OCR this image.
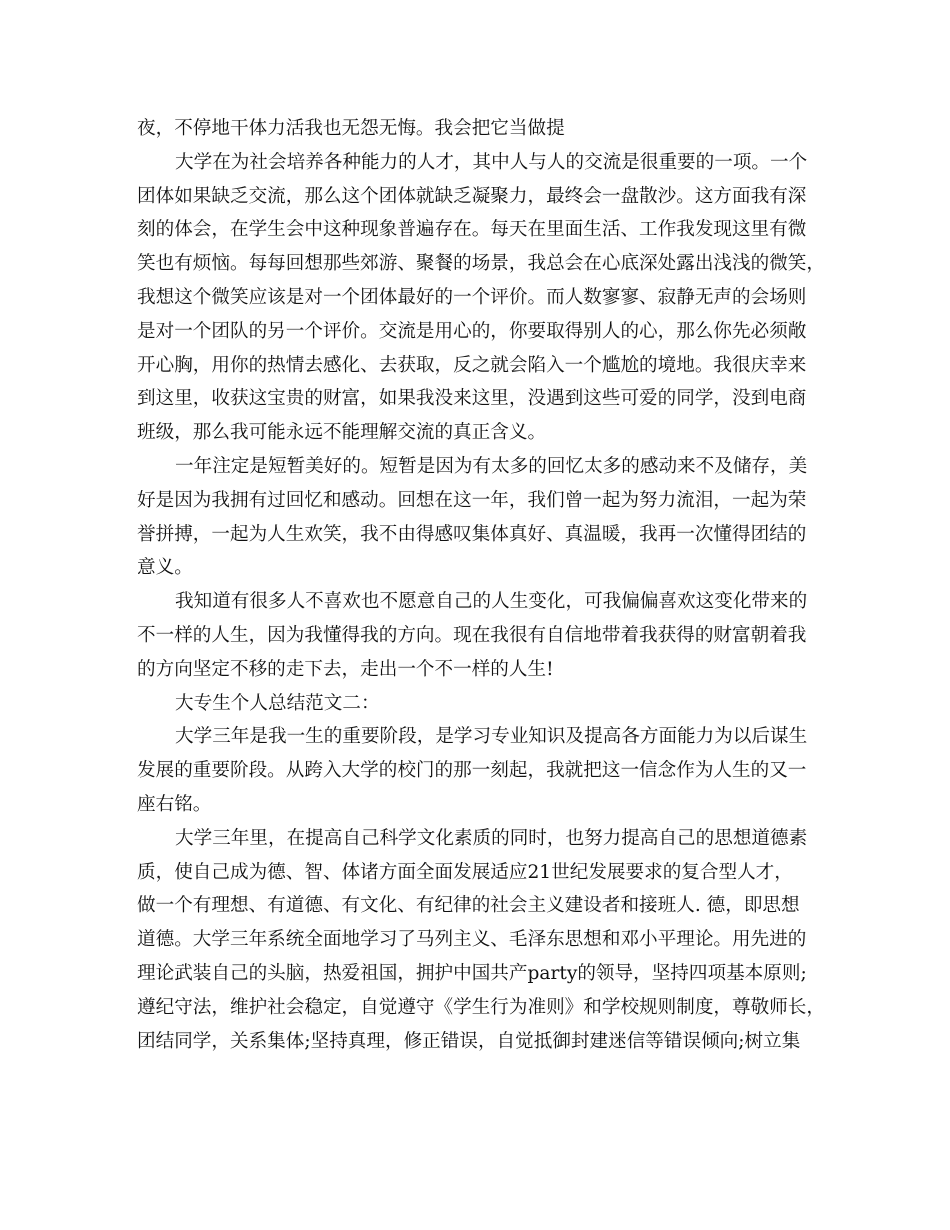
夜，不停地干体力活我也无怨无悔。我会把它当做提
大学在为社会培养各种能力的人才，其中人与人的交流是很重要的一项。一个
团体如果缺乏交流，那么这个团体就缺乏凝聚力，最终会一盘散沙。这方面我有深
刻的体会，在学生会中这种现象普遍存在。每天在里面生活、工作我发现这里有微
笑也有烦恼。每每回想那些郊游、聚餐的场景，我总会在心底深处露出浅浅的微笑，
我想这个微笑应该是对一个团体最好的一个评价。而人数寥寥、寂静无声的会场则
是对一个团队的另一个评价。交流是用心的，你要取得别人的心，那么你先必须敞
开心胸，用你的热情去感化、去获取，反之就会陷入一个尴尬的境地。我很庆幸来
到这里，收获这宝贵的财富，如果我没来这里，没遇到这些可爱的同学，没到电商
班级，那么我可能永远不能理解交流的真正含义。
一年注定是短暂美好的。短暂是因为有太多的回忆太多的感动来不及储存，美
好是因为我拥有过回忆和感动。回想在这一年，我们曾一起为努力流泪，一起为荣
誉拼搏，一起为人生欢笑，我不由得感叹集体真好、真温暖，我再一次懂得团结的
意义。
我知道有很多人不喜欢也不愿意自己的人生变化，可我偏偏喜欢这变化带来的
不一样的人生，因为我懂得我的方向。现在我很有自信地带着我获得的财富朝着我
的方向坚定不移的走下去，走出一个不一样的人生!
大专生个人总结范文二：
大学三年是我一生的重要阶段，是学习专业知识及提高各方面能力为以后谋生
发展的重要阶段。从跨入大学的校门的那一刻起，我就把这一信念作为人生的又一
座右铭。
大学三年里，在提高自己科学文化素质的同时，也努力提高自己的思想道德素
质，使自己成为德、智、体诸方面全面发展适应21世纪发展要求的复合型人才，
做一个有理想、有道德、有文化、有纪律的社会主义建设者和接班人. 德，即思想
道德。大学三年系统全面地学习了马列主义、毛泽东思想和邓小平理论。用先进的
理论武装自己的头脑，热爱祖国，拥护中国共产party的领导，坚持四项基本原则;
遵纪守法，维护社会稳定，自觉遵守《学生行为准则》和学校规则制度，尊敬师长，
团结同学，关系集体;坚持真理，修正错误，自觉抵御封建迷信等错误倾向;树立集
